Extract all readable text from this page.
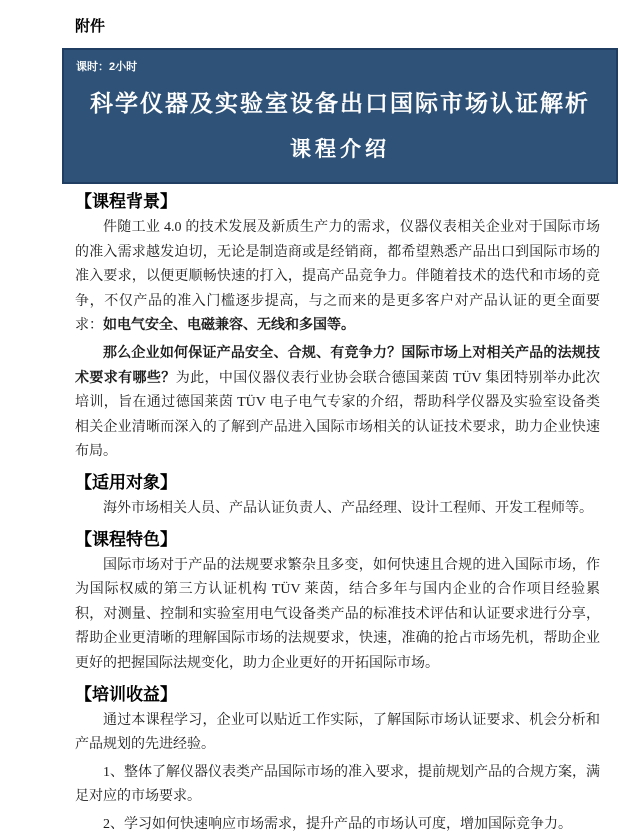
附件
课时：2小时
科学仪器及实验室设备出口国际市场认证解析
课程介绍
【课程背景】

件随工业 4.0 的技术发展及新质生产力的需求，仪器仪表相关企业对于国际市场的准入需求越发迫切，无论是制造商或是经销商，都希望熟悉产品出口到国际市场的准入要求，以便更顺畅快速的打入，提高产品竞争力。伴随着技术的迭代和市场的竞争，不仅产品的准入门槛逐步提高，与之而来的是更多客户对产品认证的更全面要求：如电气安全、电磁兼容、无线和多国等。

那么企业如何保证产品安全、合规、有竞争力？国际市场上对相关产品的法规技术要求有哪些？为此，中国仪器仪表行业协会联合德国莱茵 TÜV 集团特别举办此次培训，旨在通过德国莱茵 TÜV 电子电气专家的介绍，帮助科学仪器及实验室设备类相关企业清晰而深入的了解到产品进入国际市场相关的认证技术要求，助力企业快速布局。

【适用对象】

海外市场相关人员、产品认证负责人、产品经理、设计工程师、开发工程师等。

【课程特色】

国际市场对于产品的法规要求繁杂且多变，如何快速且合规的进入国际市场，作为国际权威的第三方认证机构 TÜV 莱茵，结合多年与国内企业的合作项目经验累积，对测量、控制和实验室用电气设备类产品的标准技术评估和认证要求进行分享，帮助企业更清晰的理解国际市场的法规要求，快速，准确的抢占市场先机，帮助企业更好的把握国际法规变化，助力企业更好的开拓国际市场。

【培训收益】

通过本课程学习，企业可以贴近工作实际，了解国际市场认证要求、机会分析和产品规划的先进经验。

1、整体了解仪器仪表类产品国际市场的准入要求，提前规划产品的合规方案，满足对应的市场要求。

2、学习如何快速响应市场需求，提升产品的市场认可度，增加国际竞争力。
